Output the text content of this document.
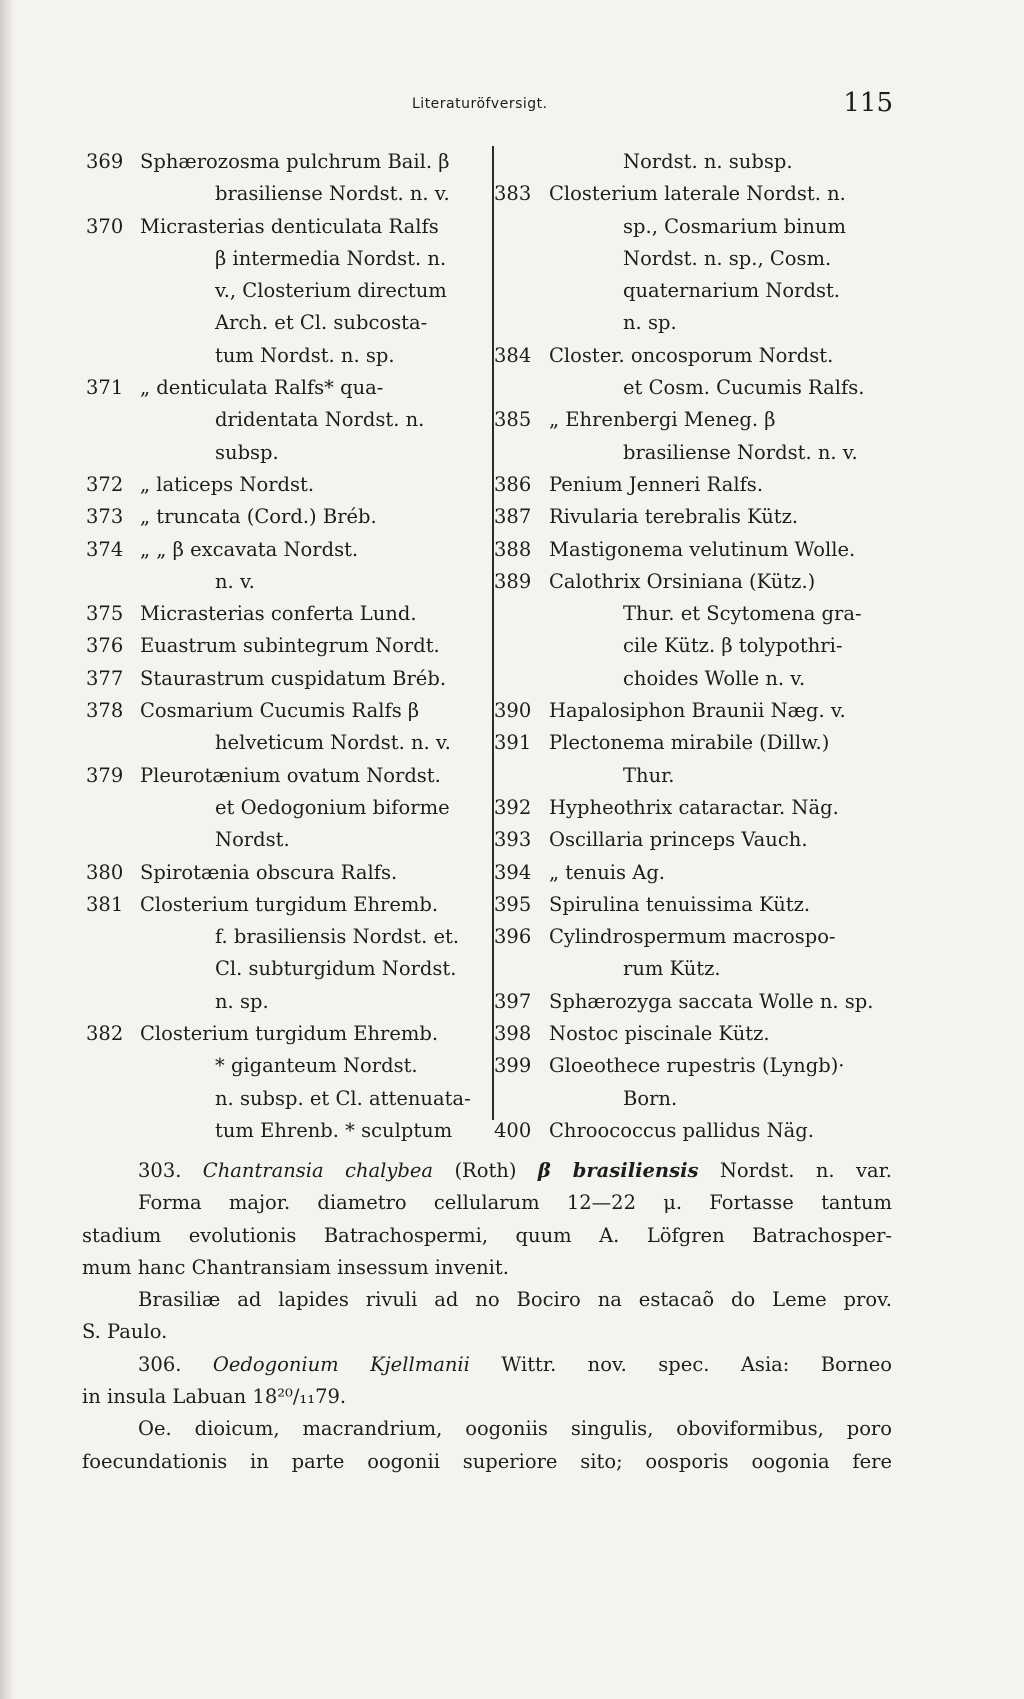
Literaturöfversigt.	115
369 Sphærozosma pulchrum Bail. β
brasiliense Nordst. n. v.
370 Micrasterias denticulata Ralfs
β intermedia Nordst. n.
v., Closterium directum
Arch. et Cl. subcosta-
tum Nordst. n. sp.
371 „ denticulata Ralfs* qua-
dridentata Nordst. n.
subsp.
372 „ laticeps Nordst.
373 „ truncata (Cord.) Bréb.
374 „ „ β excavata Nordst.
n. v.
375 Micrasterias conferta Lund.
376 Euastrum subintegrum Nordt.
377 Staurastrum cuspidatum Bréb.
378 Cosmarium Cucumis Ralfs β
helveticum Nordst. n. v.
379 Pleurotænium ovatum Nordst.
et Oedogonium biforme
Nordst.
380 Spirotænia obscura Ralfs.
381 Closterium turgidum Ehremb.
f. brasiliensis Nordst. et.
Cl. subturgidum Nordst.
n. sp.
382 Closterium turgidum Ehremb.
* giganteum Nordst.
n. subsp. et Cl. attenuata-
tum Ehrenb. * sculptum
Nordst. n. subsp.
383 Closterium laterale Nordst. n.
sp., Cosmarium binum
Nordst. n. sp., Cosm.
quaternarium Nordst.
n. sp.
384 Closter. oncosporum Nordst.
et Cosm. Cucumis Ralfs.
385 „ Ehrenbergi Meneg. β
brasiliense Nordst. n. v.
386 Penium Jenneri Ralfs.
387 Rivularia terebralis Kütz.
388 Mastigonema velutinum Wolle.
389 Calothrix Orsiniana (Kütz.)
Thur. et Scytomena gra-
cile Kütz. β tolypothri-
choides Wolle n. v.
390 Hapalosiphon Braunii Næg. v.
391 Plectonema mirabile (Dillw.)
Thur.
392 Hypheothrix cataractar. Näg.
393 Oscillaria princeps Vauch.
394 „ tenuis Ag.
395 Spirulina tenuissima Kütz.
396 Cylindrospermum macrospo-
rum Kütz.
397 Sphærozyga saccata Wolle n. sp.
398 Nostoc piscinale Kütz.
399 Gloeothece rupestris (Lyngb)·
Born.
400 Chroococcus pallidus Näg.
303. Chantransia chalybea (Roth) β brasiliensis Nordst. n. var.
Forma major. diametro cellularum 12—22 μ. Fortasse tantum
stadium evolutionis Batrachospermi, quum A. Löfgren Batrachosper-
mum hanc Chantransiam insessum invenit.
Brasiliæ ad lapides rivuli ad no Bociro na estacaõ do Leme prov.
S. Paulo.
306. Oedogonium Kjellmanii Wittr. nov. spec. Asia: Borneo
in insula Labuan 18²⁰/₁₁79.
Oe. dioicum, macrandrium, oogoniis singulis, oboviformibus, poro
foecundationis in parte oogonii superiore sito; oosporis oogonia fere
